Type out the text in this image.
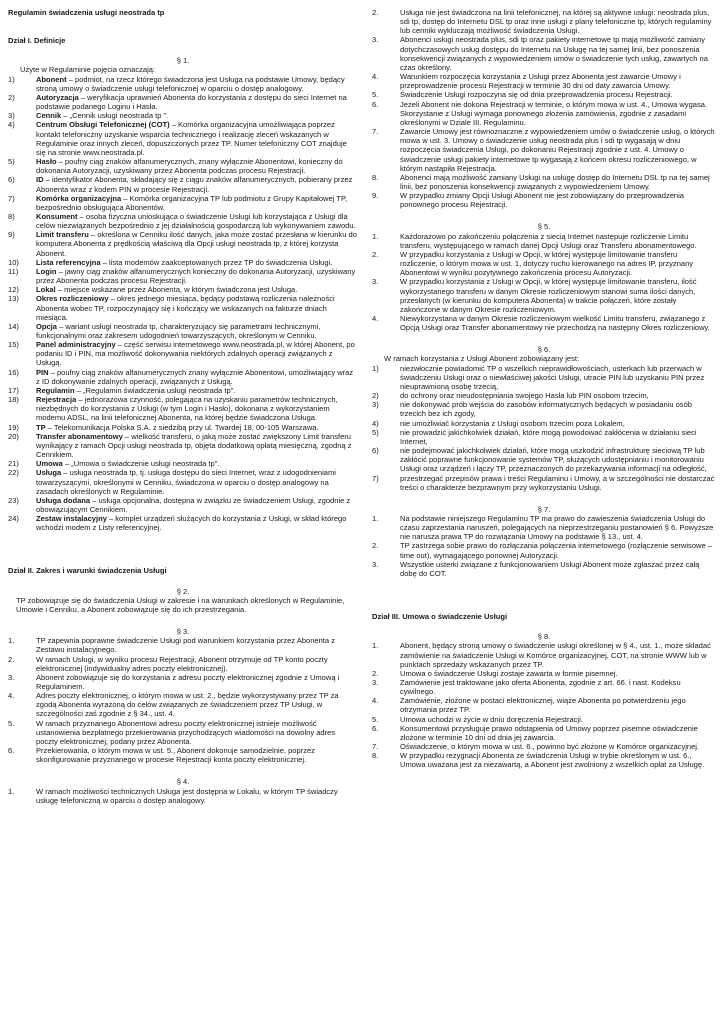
Regulamin świadczenia usługi neostrada tp
Dział I. Definicje

§ 1.

Użyte w Regulaminie pojęcia oznaczają:

1)	Abonent – podmiot, na rzecz którego świadczona jest Usługa na podstawie Umowy, będący stroną umowy o świadczenie usługi telefonicznej w oparciu o dostęp analogowy.
2)	Autoryzacja – weryfikacja uprawnień Abonenta do korzystania z dostępu do sieci Internet na podstawie podanego Loginu i Hasła.
3)	Cennik – „Cennik usługi neostrada tp ”.
4)	Centrum Obsługi Telefonicznej (COT) – Komórka organizacyjna umożliwiająca poprzez kontakt telefoniczny uzyskanie wsparcia technicznego i realizację zleceń wskazanych w Regulaminie oraz innych zleceń, dopuszczonych przez TP. Numer telefoniczny COT znajduje się na stronie www.neostrada.pl.
5)	Hasło – poufny ciąg znaków alfanumerycznych, znany wyłącznie Abonentowi, konieczny do dokonania Autoryzacji, uzyskiwany przez Abonenta podczas procesu Rejestracji.
6)	ID – identyfikator Abonenta, składający się z ciągu znaków alfanumerycznych, pobierany przez Abonenta wraz z kodem PIN w procesie Rejestracji.
7)	Komórka organizacyjna – Komórka organizacyjna TP lub podmiotu z Grupy Kapitałowej TP, bezpośrednio obsługująca Abonentów.
8)	Konsument – osoba fizyczna unioskująca o świadczenie Usługi lub korzystająca z Usługi dla celów niezwiązanych bezpośrednio z jej działalnością gospodarczą lub wykonywaniem zawodu.
9)	Limit transferu – określona w Cenniku ilość danych, jaka może zostać przesłana w kierunku do komputera Abonenta z prędkością właściwą dla Opcji usługi neostrada tp, z której korzysta Abonent.
10) Lista referencyjna – lista modemów zaakceptowanych przez TP do świadczenia Usługi.
11) Login – jawny ciąg znaków alfanumerycznych konieczny do dokonania Autoryzacji, uzyskiwany przez Abonenta podczas procesu Rejestracji.
12) Lokal – miejsce wskazane przez Abonenta, w którym świadczona jest Usługa.
13) Okres rozliczeniowy – okres jednego miesiąca, będący podstawą rozliczenia należności Abonenta wobec TP, rozpoczynający się i kończący we wskazanych na fakturze dniach miesiąca.
14) Opcja – wariant usługi neostrada tp, charakteryzujący się parametrami technicznymi, funkcjonalnymi oraz zakresem udogodnień towarzyszących, określonym w Cenniku.
15) Panel administracyjny – część serwisu internetowego www.neostrada.pl, w której Abonent, po podaniu ID i PIN, ma możliwość dokonywania niektórych zdalnych operacji związanych z Usługą.
16) PIN – poufny ciąg znaków alfanumerycznych znany wyłącznie Abonentowi, umożliwiający wraz z ID dokonywanie zdalnych operacji, związanych z Usługą.
17) Regulamin – „Regulamin świadczenia usługi neostrada tp”.
18) Rejestracja – jednorazowa czynność, polegająca na uzyskaniu parametrów technicznych, niezbędnych do korzystania z Usługi (w tym Login i Hasło), dokonana z wykorzystaniem modemu ADSL, na linii telefonicznej Abonenta, na której będzie świadczona Usługa.
19) TP – Telekomunikacja Polska S.A. z siedzibą przy ul. Twardej 18, 00-105 Warszawa.
20) Transfer abonamentowy – wielkość transferu, o jaką może zostać zwiększony Limit transferu wynikający z ramach Opcji usługi neostrada tp, objęta dodatkową opłatą miesięczną, zgodną z Cennikiem.
21) Umowa – „Umowa o świadczenie usługi neostrada tp”.
22) Usługa – usługa neostrada tp, tj. usługa dostępu do sieci Internet, wraz z udogodnieniami towarzyszącymi, określonymi w Cenniku, świadczona w oparciu o dostęp analogowy na zasadach określonych w Regulaminie.
23) Usługa dodana – usługa opcjonalna, dostępna w związku ze świadczeniem Usługi, zgodnie z obowiązującym Cennikiem.
24) Zestaw instalacyjny – komplet urządzeń służących do korzystania z Usługi, w skład którego wchodzi modem z Listy referencyjnej.
Dział II. Zakres i warunki świadczenia Usługi

§ 2.

TP zobowiązuje się do świadczenia Usługi w zakresie i na warunkach określonych w Regulaminie, Umowie i Cenniku, a Abonent zobowiązuje się do ich przestrzegania.

§ 3.

1.	TP zapewnia poprawne świadczenie Usługi pod warunkiem korzystania przez Abonenta z Zestawu instalacyjnego.
2.	W ramach Usługi, w wyniku procesu Rejestracji, Abonent otrzymuje od TP konto poczty elektronicznej (indywidualny adres poczty elektronicznej).
3.	Abonent zobowiązuje się do korzystania z adresu poczty elektronicznej zgodnie z Umową i Regulaminem.
4.	Adres poczty elektronicznej, o którym mowa w ust. 2., będzie wykorzystywany przez TP za zgodą Abonenta wyrażoną do celów związanych ze świadczeniem przez TP Usługi, w szczególności zaś zgodnie z § 34., ust. 4.
5.	W ramach przyznanego Abonentowi adresu poczty elektronicznej istnieje możliwość ustanowienia bezpłatnego przekierowania przychodzących wiadomości na dowolny adres poczty elektronicznej, podany przez Abonenta.
6.	Przekierowania, o którym mowa w ust. 5., Abonent dokonuje samodzielnie, poprzez skonfigurowanie przyznanego w procesie Rejestracji konta poczty elektronicznej.

§ 4.

1.	W ramach możliwości technicznych Usługa jest dostępna w Lokalu, w którym TP świadczy usługę telefoniczną w oparciu o dostęp analogowy.
2.	Usługa nie jest świadczona na linii telefonicznej, na której są aktywne usługi: neostrada plus, sdi tp, dostęp do Internetu DSL tp oraz inne usługi z plany telefoniczne tp, których regulaminy lub cenniki wykluczają możliwość świadczenia Usługi.
3.	Abonenci usługi neostrada plus, sdi tp oraz pakiety internetowe tp mają możliwość zamiany dotychczasowych usług dostępu do Internetu na Usługę na tej samej linii, bez ponoszenia konsekwencji związanych z wypowiedzeniem umów o świadczenie tych usług, zawartych na czas określony.
4.	Warunkiem rozpoczęcia korzystania z Usługi przez Abonenta jest zawarcie Umowy i przeprowadzenie procesu Rejestracji w terminie 30 dni od daty zawarcia Umowy.
5.	Świadczenie Usługi rozpoczyna się od dnia przeprowadzenia procesu Rejestracji.
6.	Jeżeli Abonent nie dokona Rejestracji w terminie, o którym mowa w ust. 4., Umowa wygasa. Skorzystanie z Usługi wymaga ponownego złożenia zamówienia, zgodnie z zasadami określonymi w Dziale III. Regulaminu.
7.	Zawarcie Umowy jest równoznaczne z wypowiedzeniem umów o świadczenie usług, o których mowa w ust. 3. Umowy o świadczenie usług neostrada plus i sdi tp wygasają w dniu rozpoczęcia świadczenia Usługi, po dokonaniu Rejestracji zgodnie z ust. 4. Umowy o świadczenie usługi pakiety internetowe tp wygasają z końcem okresu rozliczeniowego, w którym nastąpiła Rejestracja.
8.	Abonenci mają możliwość zamiany Usługi na usługę dostęp do Internetu DSL tp na tej samej linii, bez ponoszenia konsekwencji związanych z wypowiedzeniem Umowy.
9.	W przypadku zmiany Opcji Usługi Abonent nie jest zobowiązany do przeprowadzenia ponownego procesu Rejestracji.

§ 5.

1.	Każdorazowo po zakończeniu połączenia z siecią Internet następuje rozliczenie Limitu transferu, występującego w ramach danej Opcji Usługi oraz Transferu abonamentowego.
2.	W przypadku korzystania z Usługi w Opcji, w której występuje limitowanie transferu rozliczenie, o którym mowa w ust. 1, dotyczy ruchu kierowanego na adres IP, przyznany Abonentowi w wyniku pozytywnego zakończenia procesu Autoryzacji.
3.	W przypadku korzystania z Usługi w Opcji, w której występuje limitowanie transferu, ilość wykorzystanego transferu w danym Okresie rozliczeniowym stanowi suma ilości danych, przesłanych (w kierunku do komputera Abonenta) w trakcie połączeń, które zostały zakończone w danym Okresie rozliczeniowym.
4.	Niewykorzystana w danym Okresie rozliczeniowym wielkość Limitu transferu, związanego z Opcją Usługi oraz Transfer abonamentowy nie przechodzą na następny Okres rozliczeniowy.

§ 6.

W ramach korzystania z Usługi Abonent zobowiązany jest:

1)	niezwłocznie powiadomić TP o wszelkich nieprawidłowościach, usterkach lub przerwach w świadczeniu Usługi oraz o niewłaściwej jakości Usługi, utracie PIN lub uzyskaniu PIN przez nieuprawnioną osobę trzecią,
2)	do ochrony oraz nieudostępniania swojego Hasła lub PIN osobom trzecim,
3)	nie dokonywać prób wejścia do zasobów informatycznych będących w posiadaniu osób trzecich bez ich zgody,
4)	nie umożliwiać korzystania z Usługi osobom trzecim poza Lokalem,
5)	nie prowadzić jakichkolwiek działań, które mogą powodować zakłócenia w działaniu sieci Internet,
6)	nie podejmować jakichkolwiek działań, które mogą uszkodzić infrastrukturę sieciową TP lub zakłócić poprawne funkcjonowanie systemów TP, służących udostępnianiu i monitorowaniu Usługi oraz urządzeń i łączy TP, przeznaczonych do przekazywania informacji na odległość,
7)	przestrzegać przepisów prawa i treści Regulaminu i Umowy, a w szczególności nie dostarczać treści o charakterze bezprawnym przy wykorzystaniu Usługi.

§ 7.

1.	Na podstawie niniejszego Regulaminu TP ma prawo do zawieszenia świadczenia Usługi do czasu zaprzestania naruszeń, polegających na nieprzestrzeganiu postanowień § 6. Powyższe nie narusza prawa TP do rozwiązania Umowy na podstawie § 13., ust. 4.
2.	TP zastrzega sobie prawo do rozłączania połączenia internetowego (rozłączenie serwisowe – time out), wymagającego ponownej Autoryzacji.
3.	Wszystkie usterki związane z funkcjonowaniem Usługi Abonent może zgłaszać przez całą dobę do COT.
Dział III. Umowa o świadczenie Usługi

§ 8.

1.	Abonent, będący stroną umowy o świadczenie usługi określonej w § 4., ust. 1., może składać zamówienie na świadczenie Usługi w Komórce organizacyjnej, COT, na stronie WWW lub w punktach sprzedaży wskazanych przez TP.
2.	Umowa o świadczenie Usługi zostaje zawarta w formie pisemnej.
3.	Zamówienie jest traktowane jako oferta Abonenta, zgodnie z art. 66. i nast. Kodeksu cywilnego.
4.	Zamówienie, złożone w postaci elektronicznej, wiąże Abonenta po potwierdzeniu jego otrzymania przez TP.
5.	Umowa uchodzi w życie w dniu doręczenia Rejestracji.
6.	Konsumentowi przysługuje prawo odstąpienia od Umowy poprzez pisemne oświadczenie złożone w terminie 10 dni od dnia jej zawarcia.
7.	Oświadczenie, o którym mowa w ust. 6., powinno być złożone w Komórce organizacyjnej.
8.	W przypadku rezygnacji Abonenta ze świadczenia Usługi w trybie określonym w ust. 6., Umowa uważana jest za niezawartą, a Abonent jest zwolniony z wszelkich opłat za Usługę.
